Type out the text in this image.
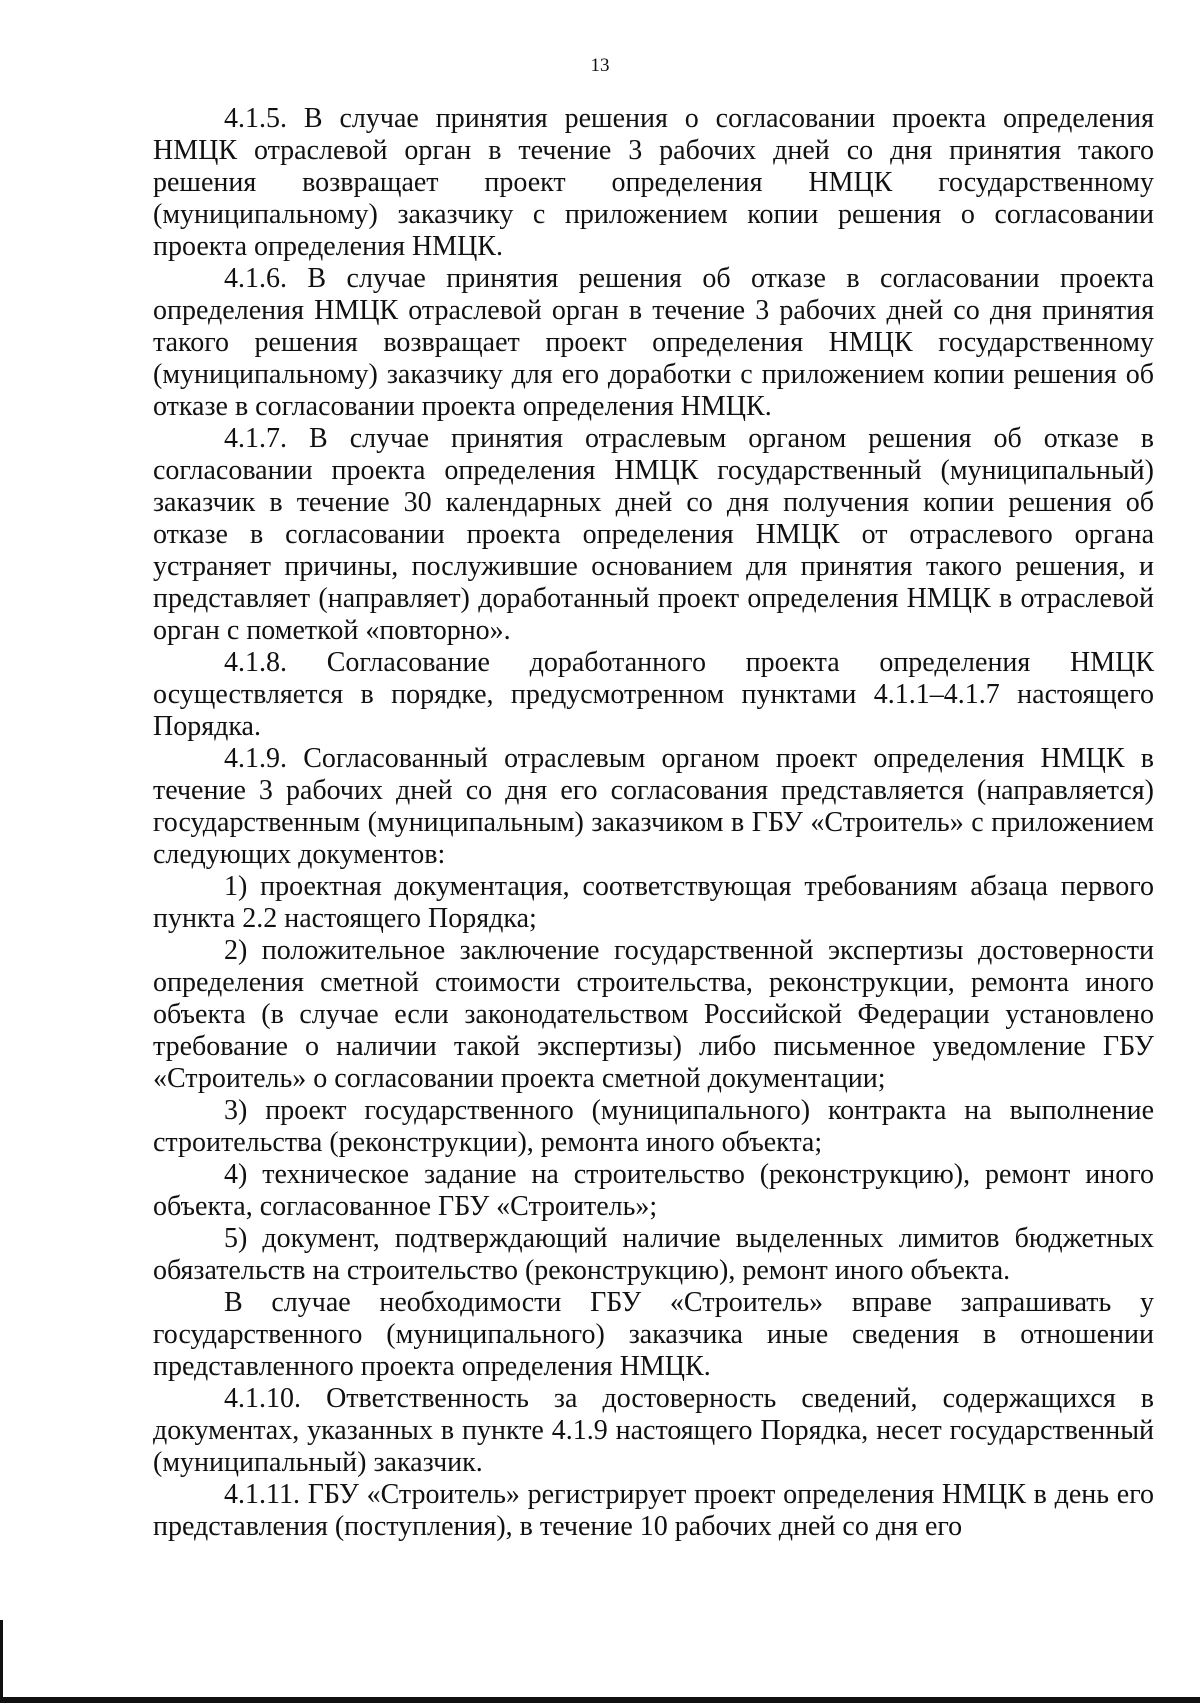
13

4.1.5. В случае принятия решения о согласовании проекта определения НМЦК отраслевой орган в течение 3 рабочих дней со дня принятия такого решения возвращает проект определения НМЦК государственному (муниципальному) заказчику с приложением копии решения о согласовании проекта определения НМЦК.

4.1.6. В случае принятия решения об отказе в согласовании проекта определения НМЦК отраслевой орган в течение 3 рабочих дней со дня принятия такого решения возвращает проект определения НМЦК государственному (муниципальному) заказчику для его доработки с приложением копии решения об отказе в согласовании проекта определения НМЦК.

4.1.7. В случае принятия отраслевым органом решения об отказе в согласовании проекта определения НМЦК государственный (муниципальный) заказчик в течение 30 календарных дней со дня получения копии решения об отказе в согласовании проекта определения НМЦК от отраслевого органа устраняет причины, послужившие основанием для принятия такого решения, и представляет (направляет) доработанный проект определения НМЦК в отраслевой орган с пометкой «повторно».

4.1.8. Согласование доработанного проекта определения НМЦК осуществляется в порядке, предусмотренном пунктами 4.1.1–4.1.7 настоящего Порядка.

4.1.9. Согласованный отраслевым органом проект определения НМЦК в течение 3 рабочих дней со дня его согласования представляется (направляется) государственным (муниципальным) заказчиком в ГБУ «Строитель» с приложением следующих документов:

1) проектная документация, соответствующая требованиям абзаца первого пункта 2.2 настоящего Порядка;

2) положительное заключение государственной экспертизы достоверности определения сметной стоимости строительства, реконструкции, ремонта иного объекта (в случае если законодательством Российской Федерации установлено требование о наличии такой экспертизы) либо письменное уведомление ГБУ «Строитель» о согласовании проекта сметной документации;

3) проект государственного (муниципального) контракта на выполнение строительства (реконструкции), ремонта иного объекта;

4) техническое задание на строительство (реконструкцию), ремонт иного объекта, согласованное ГБУ «Строитель»;

5) документ, подтверждающий наличие выделенных лимитов бюджетных обязательств на строительство (реконструкцию), ремонт иного объекта.

В случае необходимости ГБУ «Строитель» вправе запрашивать у государственного (муниципального) заказчика иные сведения в отношении представленного проекта определения НМЦК.

4.1.10. Ответственность за достоверность сведений, содержащихся в документах, указанных в пункте 4.1.9 настоящего Порядка, несет государственный (муниципальный) заказчик.

4.1.11. ГБУ «Строитель» регистрирует проект определения НМЦК в день его представления (поступления), в течение 10 рабочих дней со дня его
